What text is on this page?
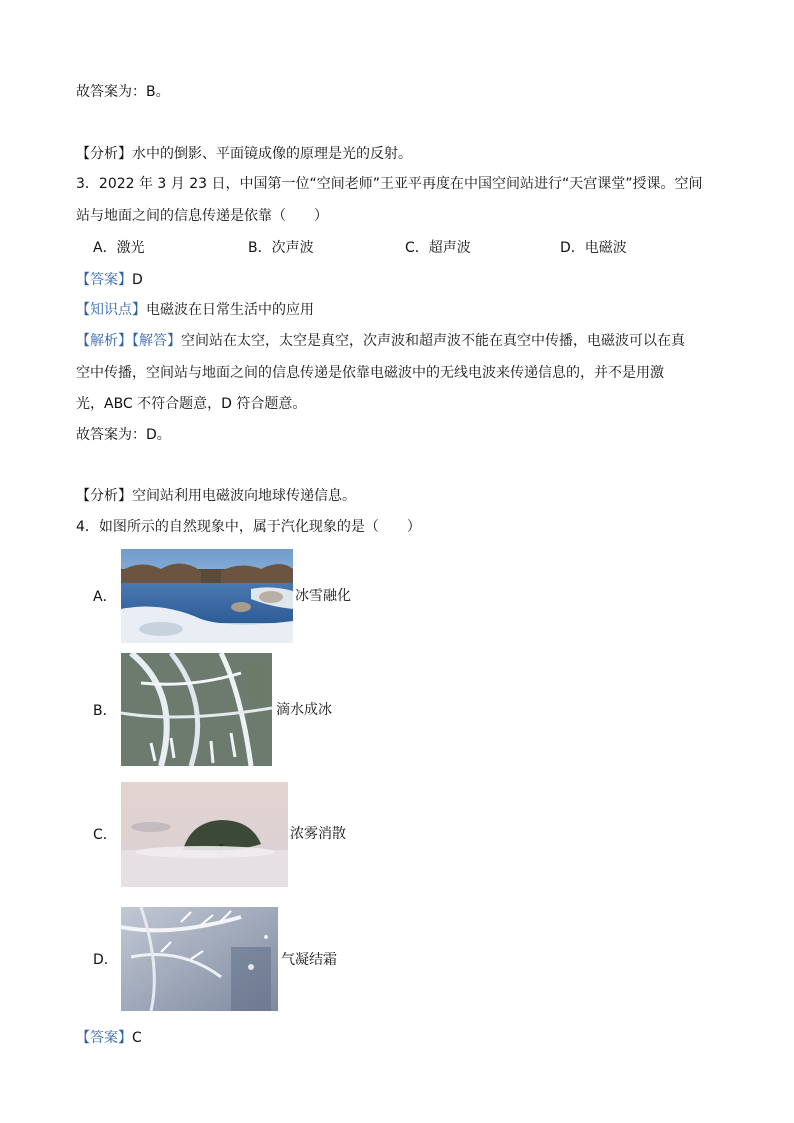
故答案为：B。
【分析】水中的倒影、平面镜成像的原理是光的反射。
3．2022 年 3 月 23 日，中国第一位“空间老师”王亚平再度在中国空间站进行“天宫课堂”授课。空间
站与地面之间的信息传递是依靠（　　）
A．激光	B．次声波	C．超声波	D．电磁波
【答案】D
【知识点】电磁波在日常生活中的应用
【解析】【解答】空间站在太空，太空是真空，次声波和超声波不能在真空中传播，电磁波可以在真
空中传播，空间站与地面之间的信息传递是依靠电磁波中的无线电波来传递信息的，并不是用激
光，ABC 不符合题意，D 符合题意。
故答案为：D。
【分析】空间站利用电磁波向地球传递信息。
4．如图所示的自然现象中，属于汽化现象的是（　　）
A．	冰雪融化
B．	滴水成冰
C．	浓雾消散
D．	气凝结霜
【答案】C
